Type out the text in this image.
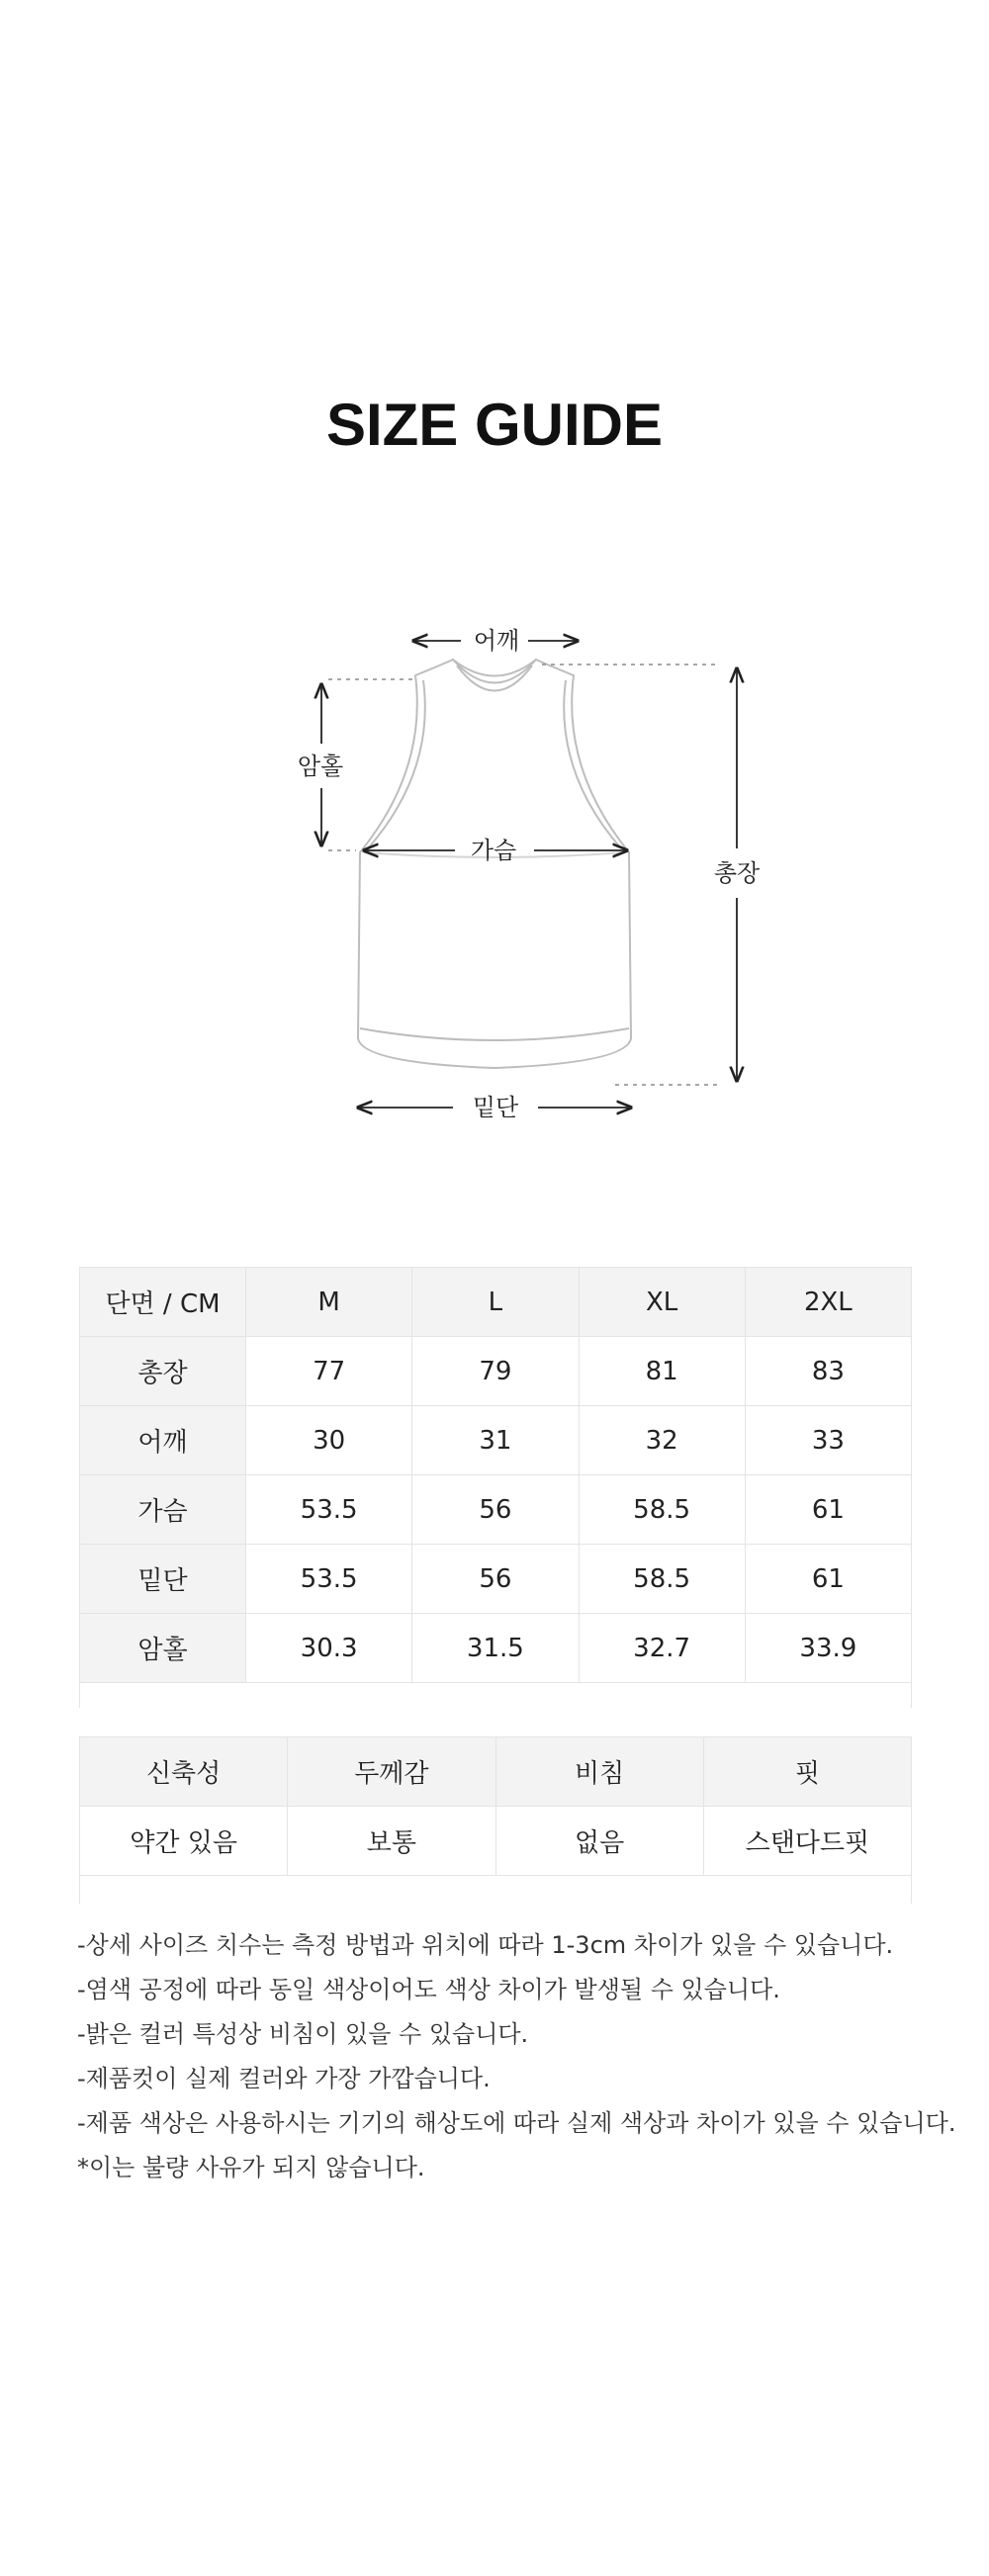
SIZE GUIDE
어깨
암홀
가슴
총장
밑단
단면 / CM	M	L	XL	2XL
총장	77	79	81	83
어깨	30	31	32	33
가슴	53.5	56	58.5	61
밑단	53.5	56	58.5	61
암홀	30.3	31.5	32.7	33.9
신축성	두께감	비침	핏
약간 있음	보통	없음	스탠다드핏
-상세 사이즈 치수는 측정 방법과 위치에 따라 1-3cm 차이가 있을 수 있습니다.
-염색 공정에 따라 동일 색상이어도 색상 차이가 발생될 수 있습니다.
-밝은 컬러 특성상 비침이 있을 수 있습니다.
-제품컷이 실제 컬러와 가장 가깝습니다.
-제품 색상은 사용하시는 기기의 해상도에 따라 실제 색상과 차이가 있을 수 있습니다.
*이는 불량 사유가 되지 않습니다.
